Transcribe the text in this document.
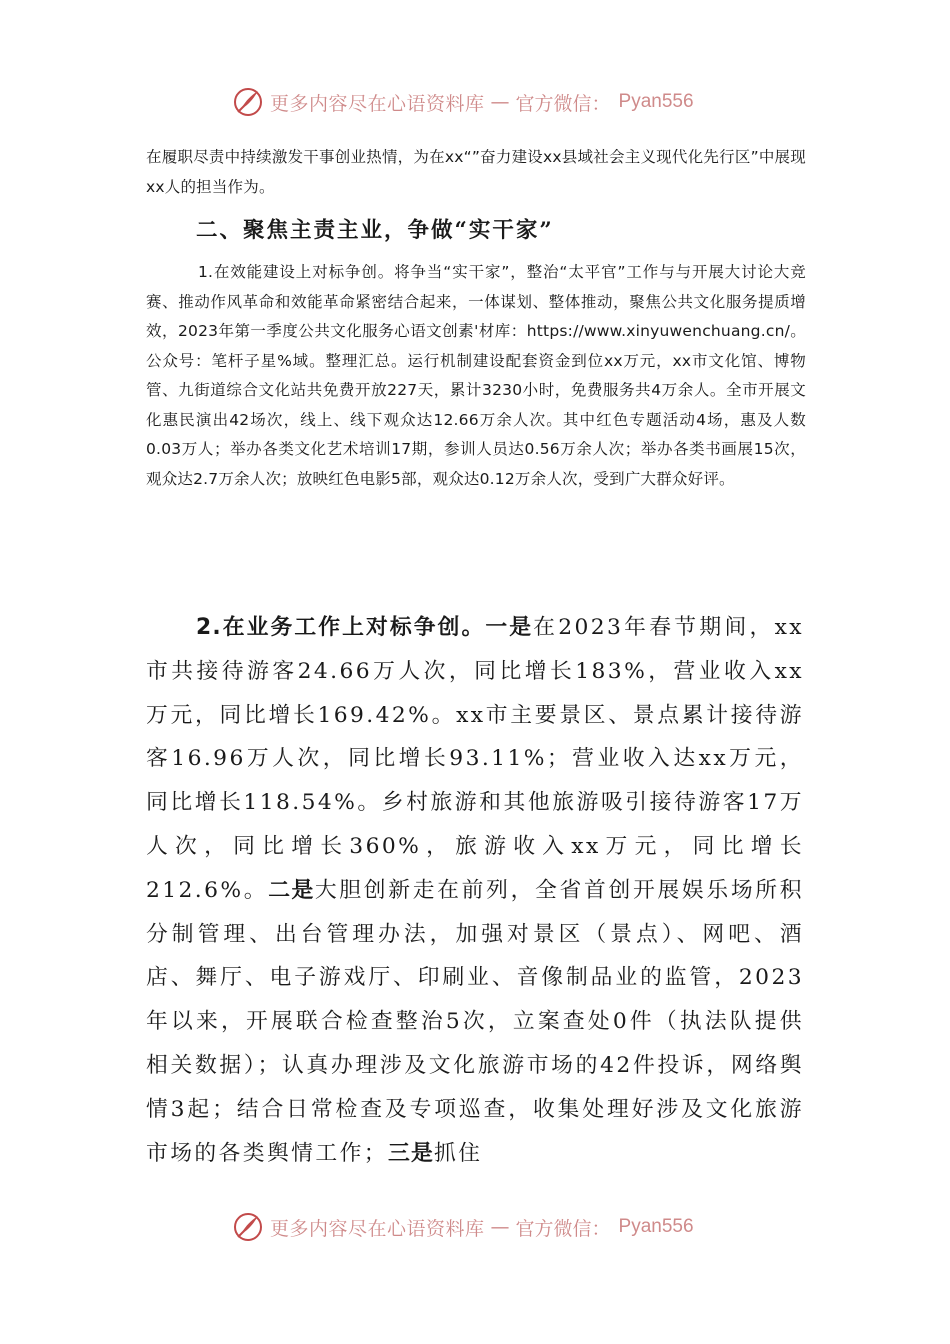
更多内容尽在心语资料库 — 官方微信： Pyan556

在履职尽责中持续激发干事创业热情，为在xx“”奋力建设xx县域社会主义现代化先行区”中展现xx人的担当作为。

二、聚焦主责主业，争做“实干家”

1.在效能建设上对标争创。将争当“实干家”，整治“太平官”工作与与开展大讨论大竞赛、推动作风革命和效能革命紧密结合起来，一体谋划、整体推动，聚焦公共文化服务提质增效，2023年第一季度公共文化服务心语文创素'材库：https://www.xinyuwenchuang.cn/。公众号：笔杆子星%域。整理汇总。运行机制建设配套资金到位xx万元，xx市文化馆、博物管、九街道综合文化站共免费开放227天，累计3230小时，免费服务共4万余人。全市开展文化惠民演出42场次，线上、线下观众达12.66万余人次。其中红色专题活动4场，惠及人数0.03万人；举办各类文化艺术培训17期，参训人员达0.56万余人次；举办各类书画展15次，观众达2.7万余人次；放映红色电影5部，观众达0.12万余人次，受到广大群众好评。

2.在业务工作上对标争创。一是在2023年春节期间，xx市共接待游客24.66万人次，同比增长183%，营业收入xx万元，同比增长169.42%。xx市主要景区、景点累计接待游客16.96万人次，同比增长93.11%；营业收入达xx万元，同比增长118.54%。乡村旅游和其他旅游吸引接待游客17万人次，同比增长360%，旅游收入xx万元，同比增长212.6%。二是大胆创新走在前列，全省首创开展娱乐场所积分制管理、出台管理办法，加强对景区（景点）、网吧、酒店、舞厅、电子游戏厅、印刷业、音像制品业的监管，2023年以来，开展联合检查整治5次，立案查处0件（执法队提供相关数据）；认真办理涉及文化旅游市场的42件投诉，网络舆情3起；结合日常检查及专项巡查，收集处理好涉及文化旅游市场的各类舆情工作；三是抓住

更多内容尽在心语资料库 — 官方微信： Pyan556
